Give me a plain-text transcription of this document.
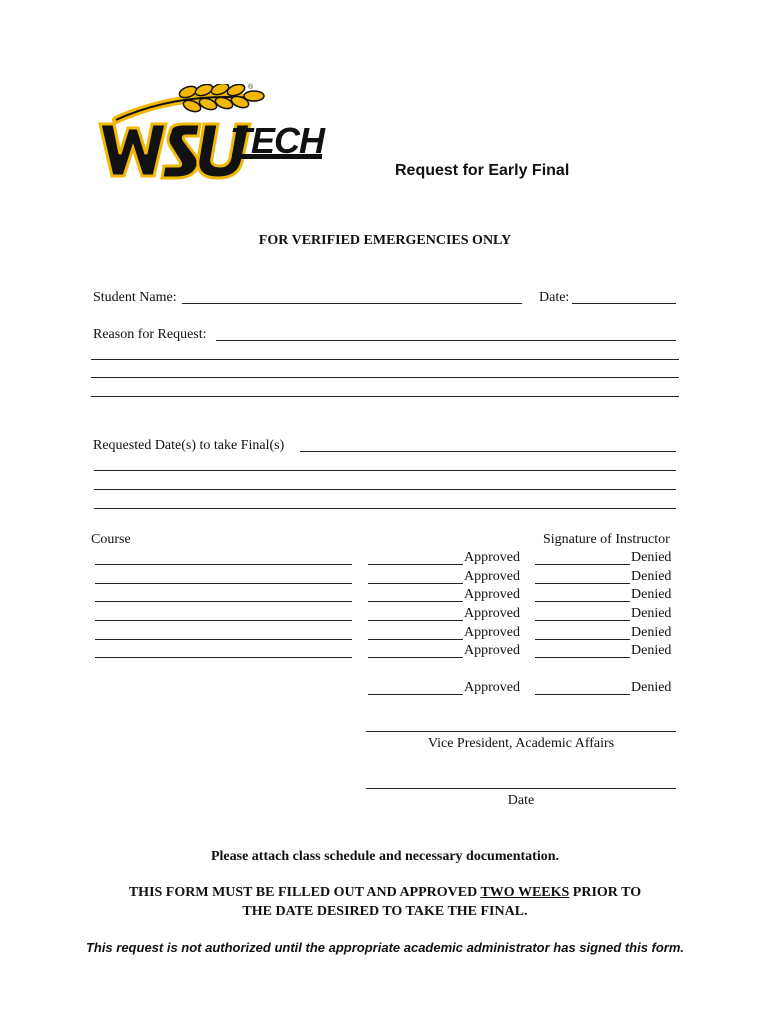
TECH
®
Request for Early Final
FOR VERIFIED EMERGENCIES ONLY
Student Name:	Date:
Reason for Request:
Requested Date(s) to take Final(s)
Course	Signature of Instructor
Approved	Denied
Approved	Denied
Approved	Denied
Approved	Denied
Approved	Denied
Approved	Denied
Approved	Denied
Vice President, Academic Affairs
Date
Please attach class schedule and necessary documentation.
THIS FORM MUST BE FILLED OUT AND APPROVED TWO WEEKS PRIOR TO
THE DATE DESIRED TO TAKE THE FINAL.
This request is not authorized until the appropriate academic administrator has signed this form.
